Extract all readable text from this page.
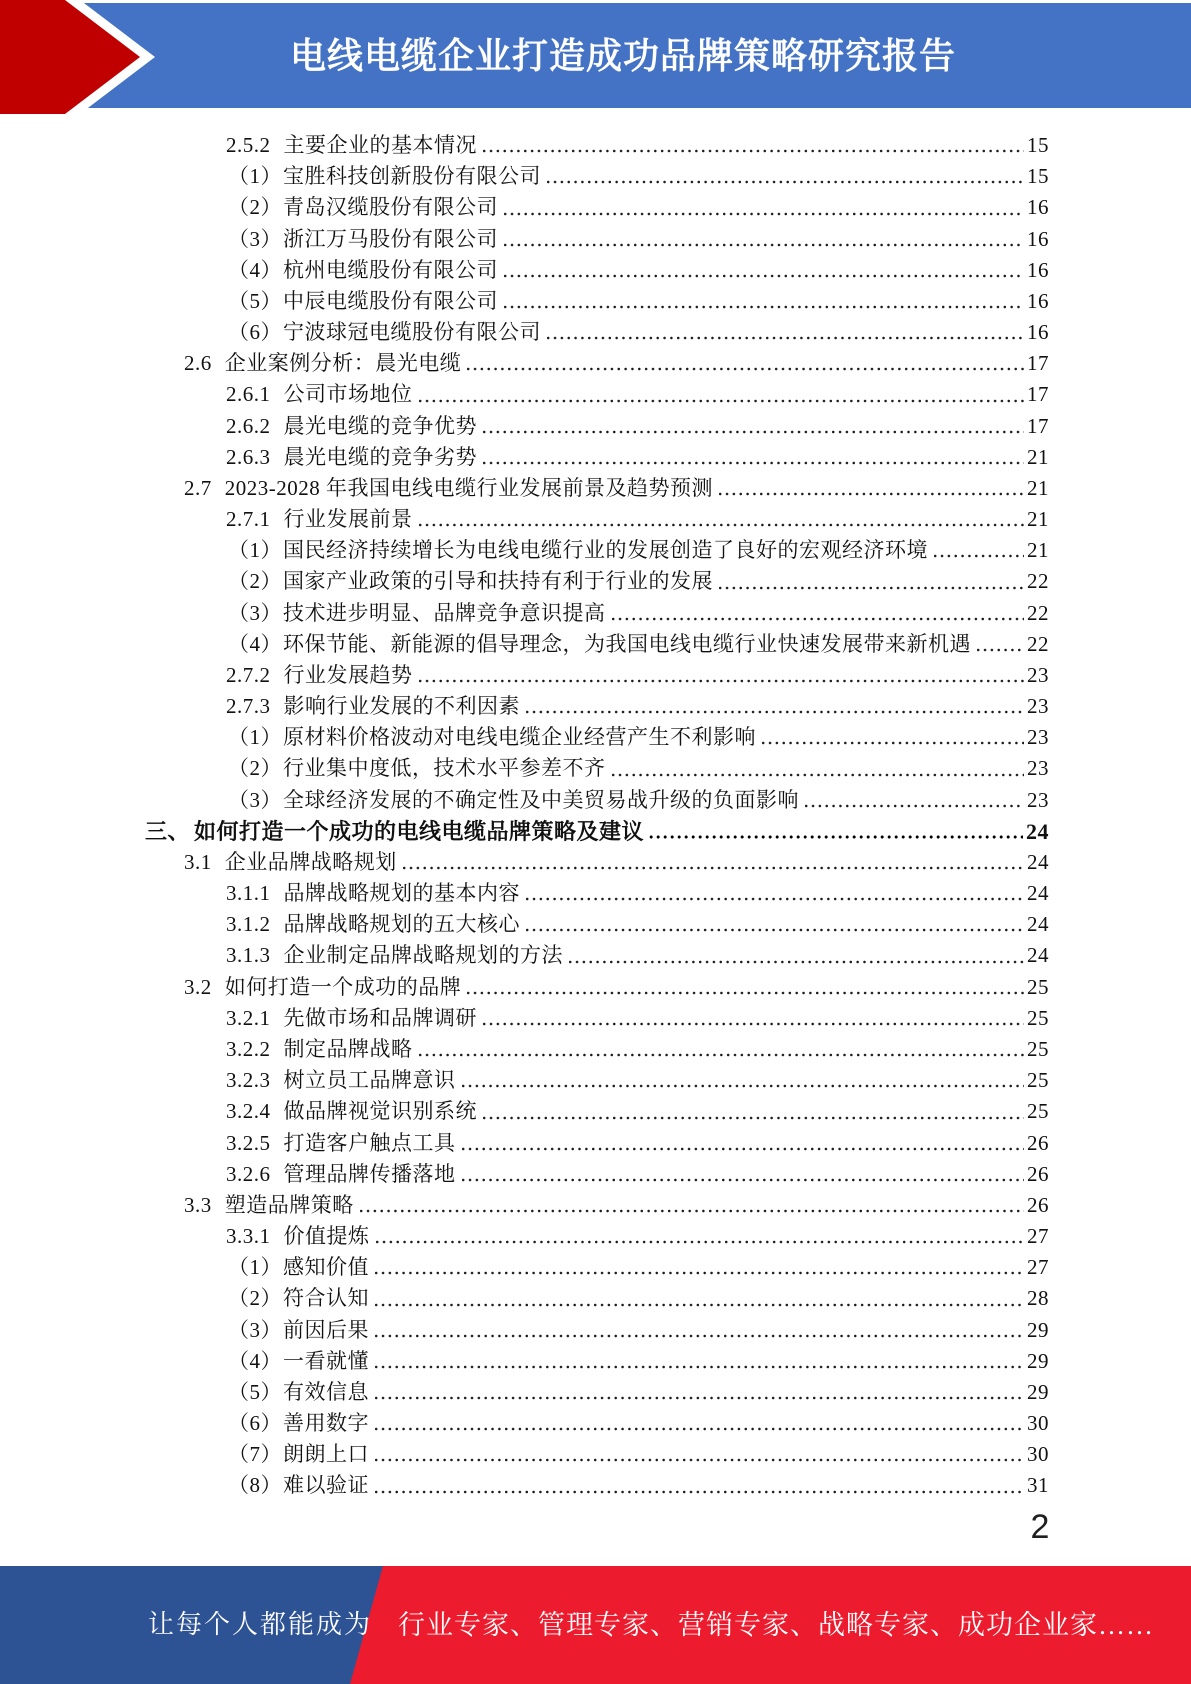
电线电缆企业打造成功品牌策略研究报告
2.5.2 主要企业的基本情况	15
（1） 宝胜科技创新股份有限公司	15
（2） 青岛汉缆股份有限公司	16
（3） 浙江万马股份有限公司	16
（4） 杭州电缆股份有限公司	16
（5） 中辰电缆股份有限公司	16
（6） 宁波球冠电缆股份有限公司	16
2.6 企业案例分析：晨光电缆	17
2.6.1 公司市场地位	17
2.6.2 晨光电缆的竞争优势	17
2.6.3 晨光电缆的竞争劣势	21
2.7 2023-2028 年我国电线电缆行业发展前景及趋势预测	21
2.7.1 行业发展前景	21
（1） 国民经济持续增长为电线电缆行业的发展创造了良好的宏观经济环境	21
（2） 国家产业政策的引导和扶持有利于行业的发展	22
（3） 技术进步明显、品牌竞争意识提高	22
（4） 环保节能、新能源的倡导理念，为我国电线电缆行业快速发展带来新机遇	22
2.7.2 行业发展趋势	23
2.7.3 影响行业发展的不利因素	23
（1） 原材料价格波动对电线电缆企业经营产生不利影响	23
（2） 行业集中度低，技术水平参差不齐	23
（3） 全球经济发展的不确定性及中美贸易战升级的负面影响	23
三、 如何打造一个成功的电线电缆品牌策略及建议	24
3.1 企业品牌战略规划	24
3.1.1 品牌战略规划的基本内容	24
3.1.2 品牌战略规划的五大核心	24
3.1.3 企业制定品牌战略规划的方法	24
3.2 如何打造一个成功的品牌	25
3.2.1 先做市场和品牌调研	25
3.2.2 制定品牌战略	25
3.2.3 树立员工品牌意识	25
3.2.4 做品牌视觉识别系统	25
3.2.5 打造客户触点工具	26
3.2.6 管理品牌传播落地	26
3.3 塑造品牌策略	26
3.3.1 价值提炼	27
（1） 感知价值	27
（2） 符合认知	28
（3） 前因后果	29
（4） 一看就懂	29
（5） 有效信息	29
（6） 善用数字	30
（7） 朗朗上口	30
（8） 难以验证	31
2
让每个人都能成为 行业专家、管理专家、营销专家、战略专家、成功企业家……
